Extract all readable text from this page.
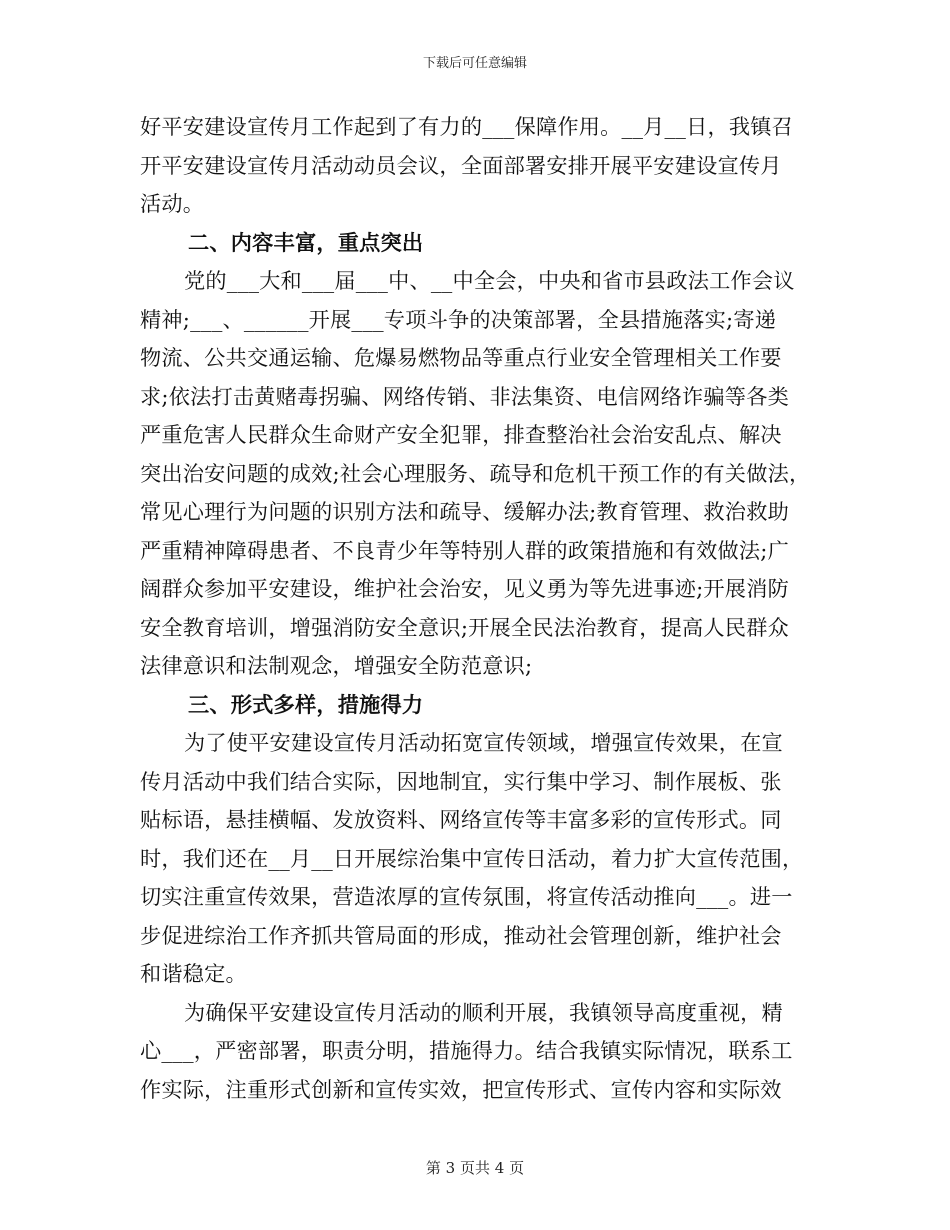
下载后可任意编辑
好平安建设宣传月工作起到了有力的___保障作用。__月__日，我镇召
开平安建设宣传月活动动员会议，全面部署安排开展平安建设宣传月
活动。
二、内容丰富，重点突出
党的___大和___届___中、__中全会，中央和省市县政法工作会议
精神;___、______开展___专项斗争的决策部署，全县措施落实;寄递
物流、公共交通运输、危爆易燃物品等重点行业安全管理相关工作要
求;依法打击黄赌毒拐骗、网络传销、非法集资、电信网络诈骗等各类
严重危害人民群众生命财产安全犯罪，排查整治社会治安乱点、解决
突出治安问题的成效;社会心理服务、疏导和危机干预工作的有关做法，
常见心理行为问题的识别方法和疏导、缓解办法;教育管理、救治救助
严重精神障碍患者、不良青少年等特别人群的政策措施和有效做法;广
阔群众参加平安建设，维护社会治安，见义勇为等先进事迹;开展消防
安全教育培训，增强消防安全意识;开展全民法治教育，提高人民群众
法律意识和法制观念，增强安全防范意识;
三、形式多样，措施得力
为了使平安建设宣传月活动拓宽宣传领域，增强宣传效果，在宣
传月活动中我们结合实际，因地制宜，实行集中学习、制作展板、张
贴标语，悬挂横幅、发放资料、网络宣传等丰富多彩的宣传形式。同
时，我们还在__月__日开展综治集中宣传日活动，着力扩大宣传范围，
切实注重宣传效果，营造浓厚的宣传氛围，将宣传活动推向___。进一
步促进综治工作齐抓共管局面的形成，推动社会管理创新，维护社会
和谐稳定。
为确保平安建设宣传月活动的顺利开展，我镇领导高度重视，精
心___，严密部署，职责分明，措施得力。结合我镇实际情况，联系工
作实际，注重形式创新和宣传实效，把宣传形式、宣传内容和实际效
第 3 页共 4 页
